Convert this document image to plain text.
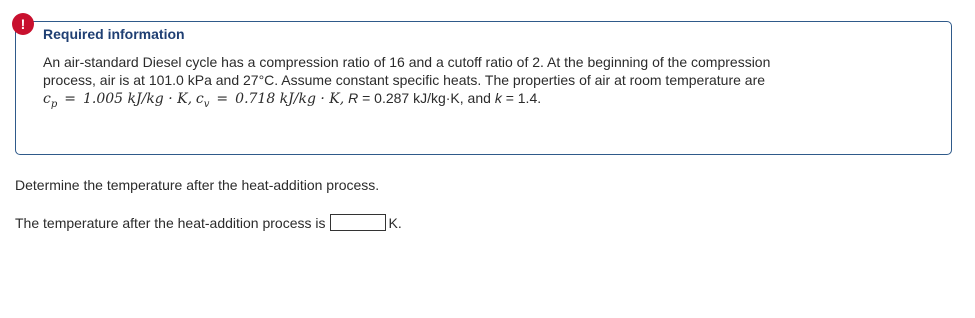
!
Required information
An air-standard Diesel cycle has a compression ratio of 16 and a cutoff ratio of 2. At the beginning of the compression
process, air is at 101.0 kPa and 27°C. Assume constant specific heats. The properties of air at room temperature are
$c_p = 1.005$ kJ/kg · K, $c_v = 0.718$ kJ/kg · K, R = 0.287 kJ/kg·K, and k = 1.4.
Determine the temperature after the heat-addition process.
The temperature after the heat-addition process is	K.
